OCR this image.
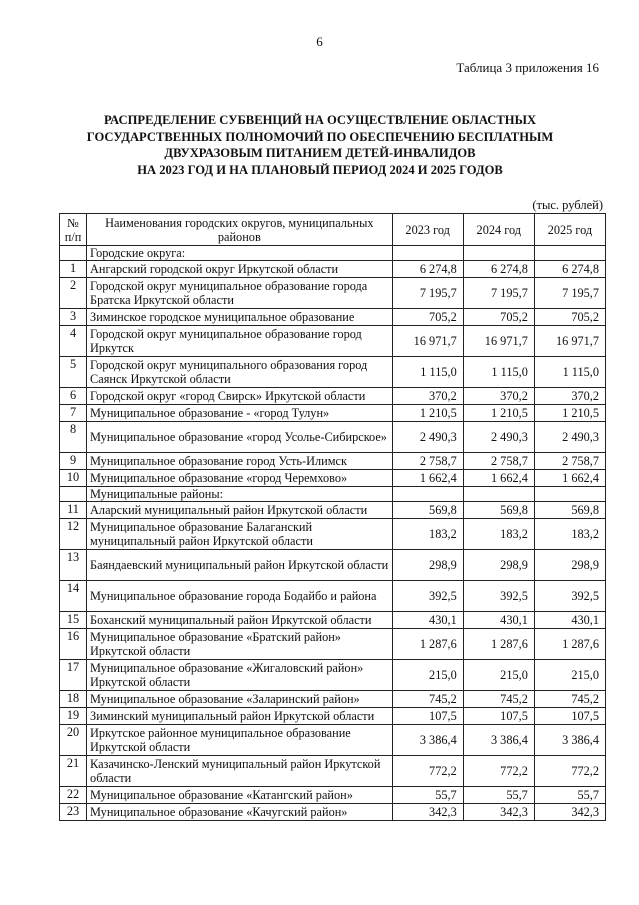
6
Таблица 3 приложения 16
РАСПРЕДЕЛЕНИЕ СУБВЕНЦИЙ НА ОСУЩЕСТВЛЕНИЕ ОБЛАСТНЫХ
ГОСУДАРСТВЕННЫХ ПОЛНОМОЧИЙ ПО ОБЕСПЕЧЕНИЮ БЕСПЛАТНЫМ
ДВУХРАЗОВЫМ ПИТАНИЕМ ДЕТЕЙ-ИНВАЛИДОВ
НА 2023 ГОД И НА ПЛАНОВЫЙ ПЕРИОД 2024 И 2025 ГОДОВ
(тыс. рублей)
№ п/п	Наименования городских округов, муниципальных районов	2023 год	2024 год	2025 год
	Городские округа:			
1	Ангарский городской округ Иркутской области	6 274,8	6 274,8	6 274,8
2	Городской округ муниципальное образование города Братска Иркутской области	7 195,7	7 195,7	7 195,7
3	Зиминское городское муниципальное образование	705,2	705,2	705,2
4	Городской округ муниципальное образование город Иркутск	16 971,7	16 971,7	16 971,7
5	Городской округ муниципального образования город Саянск Иркутской области	1 115,0	1 115,0	1 115,0
6	Городской округ «город Свирск» Иркутской области	370,2	370,2	370,2
7	Муниципальное образование - «город Тулун»	1 210,5	1 210,5	1 210,5
8	Муниципальное образование «город Усолье-Сибирское»	2 490,3	2 490,3	2 490,3
9	Муниципальное образование город Усть-Илимск	2 758,7	2 758,7	2 758,7
10	Муниципальное образование «город Черемхово»	1 662,4	1 662,4	1 662,4
	Муниципальные районы:			
11	Аларский муниципальный район Иркутской области	569,8	569,8	569,8
12	Муниципальное образование Балаганский муниципальный район Иркутской области	183,2	183,2	183,2
13	Баяндаевский муниципальный район Иркутской области	298,9	298,9	298,9
14	Муниципальное образование города Бодайбо и района	392,5	392,5	392,5
15	Боханский муниципальный район Иркутской области	430,1	430,1	430,1
16	Муниципальное образование «Братский район» Иркутской области	1 287,6	1 287,6	1 287,6
17	Муниципальное образование «Жигаловский район» Иркутской области	215,0	215,0	215,0
18	Муниципальное образование «Заларинский район»	745,2	745,2	745,2
19	Зиминский муниципальный район Иркутской области	107,5	107,5	107,5
20	Иркутское районное муниципальное образование Иркутской области	3 386,4	3 386,4	3 386,4
21	Казачинско-Ленский муниципальный район Иркутской области	772,2	772,2	772,2
22	Муниципальное образование «Катангский район»	55,7	55,7	55,7
23	Муниципальное образование «Качугский район»	342,3	342,3	342,3
